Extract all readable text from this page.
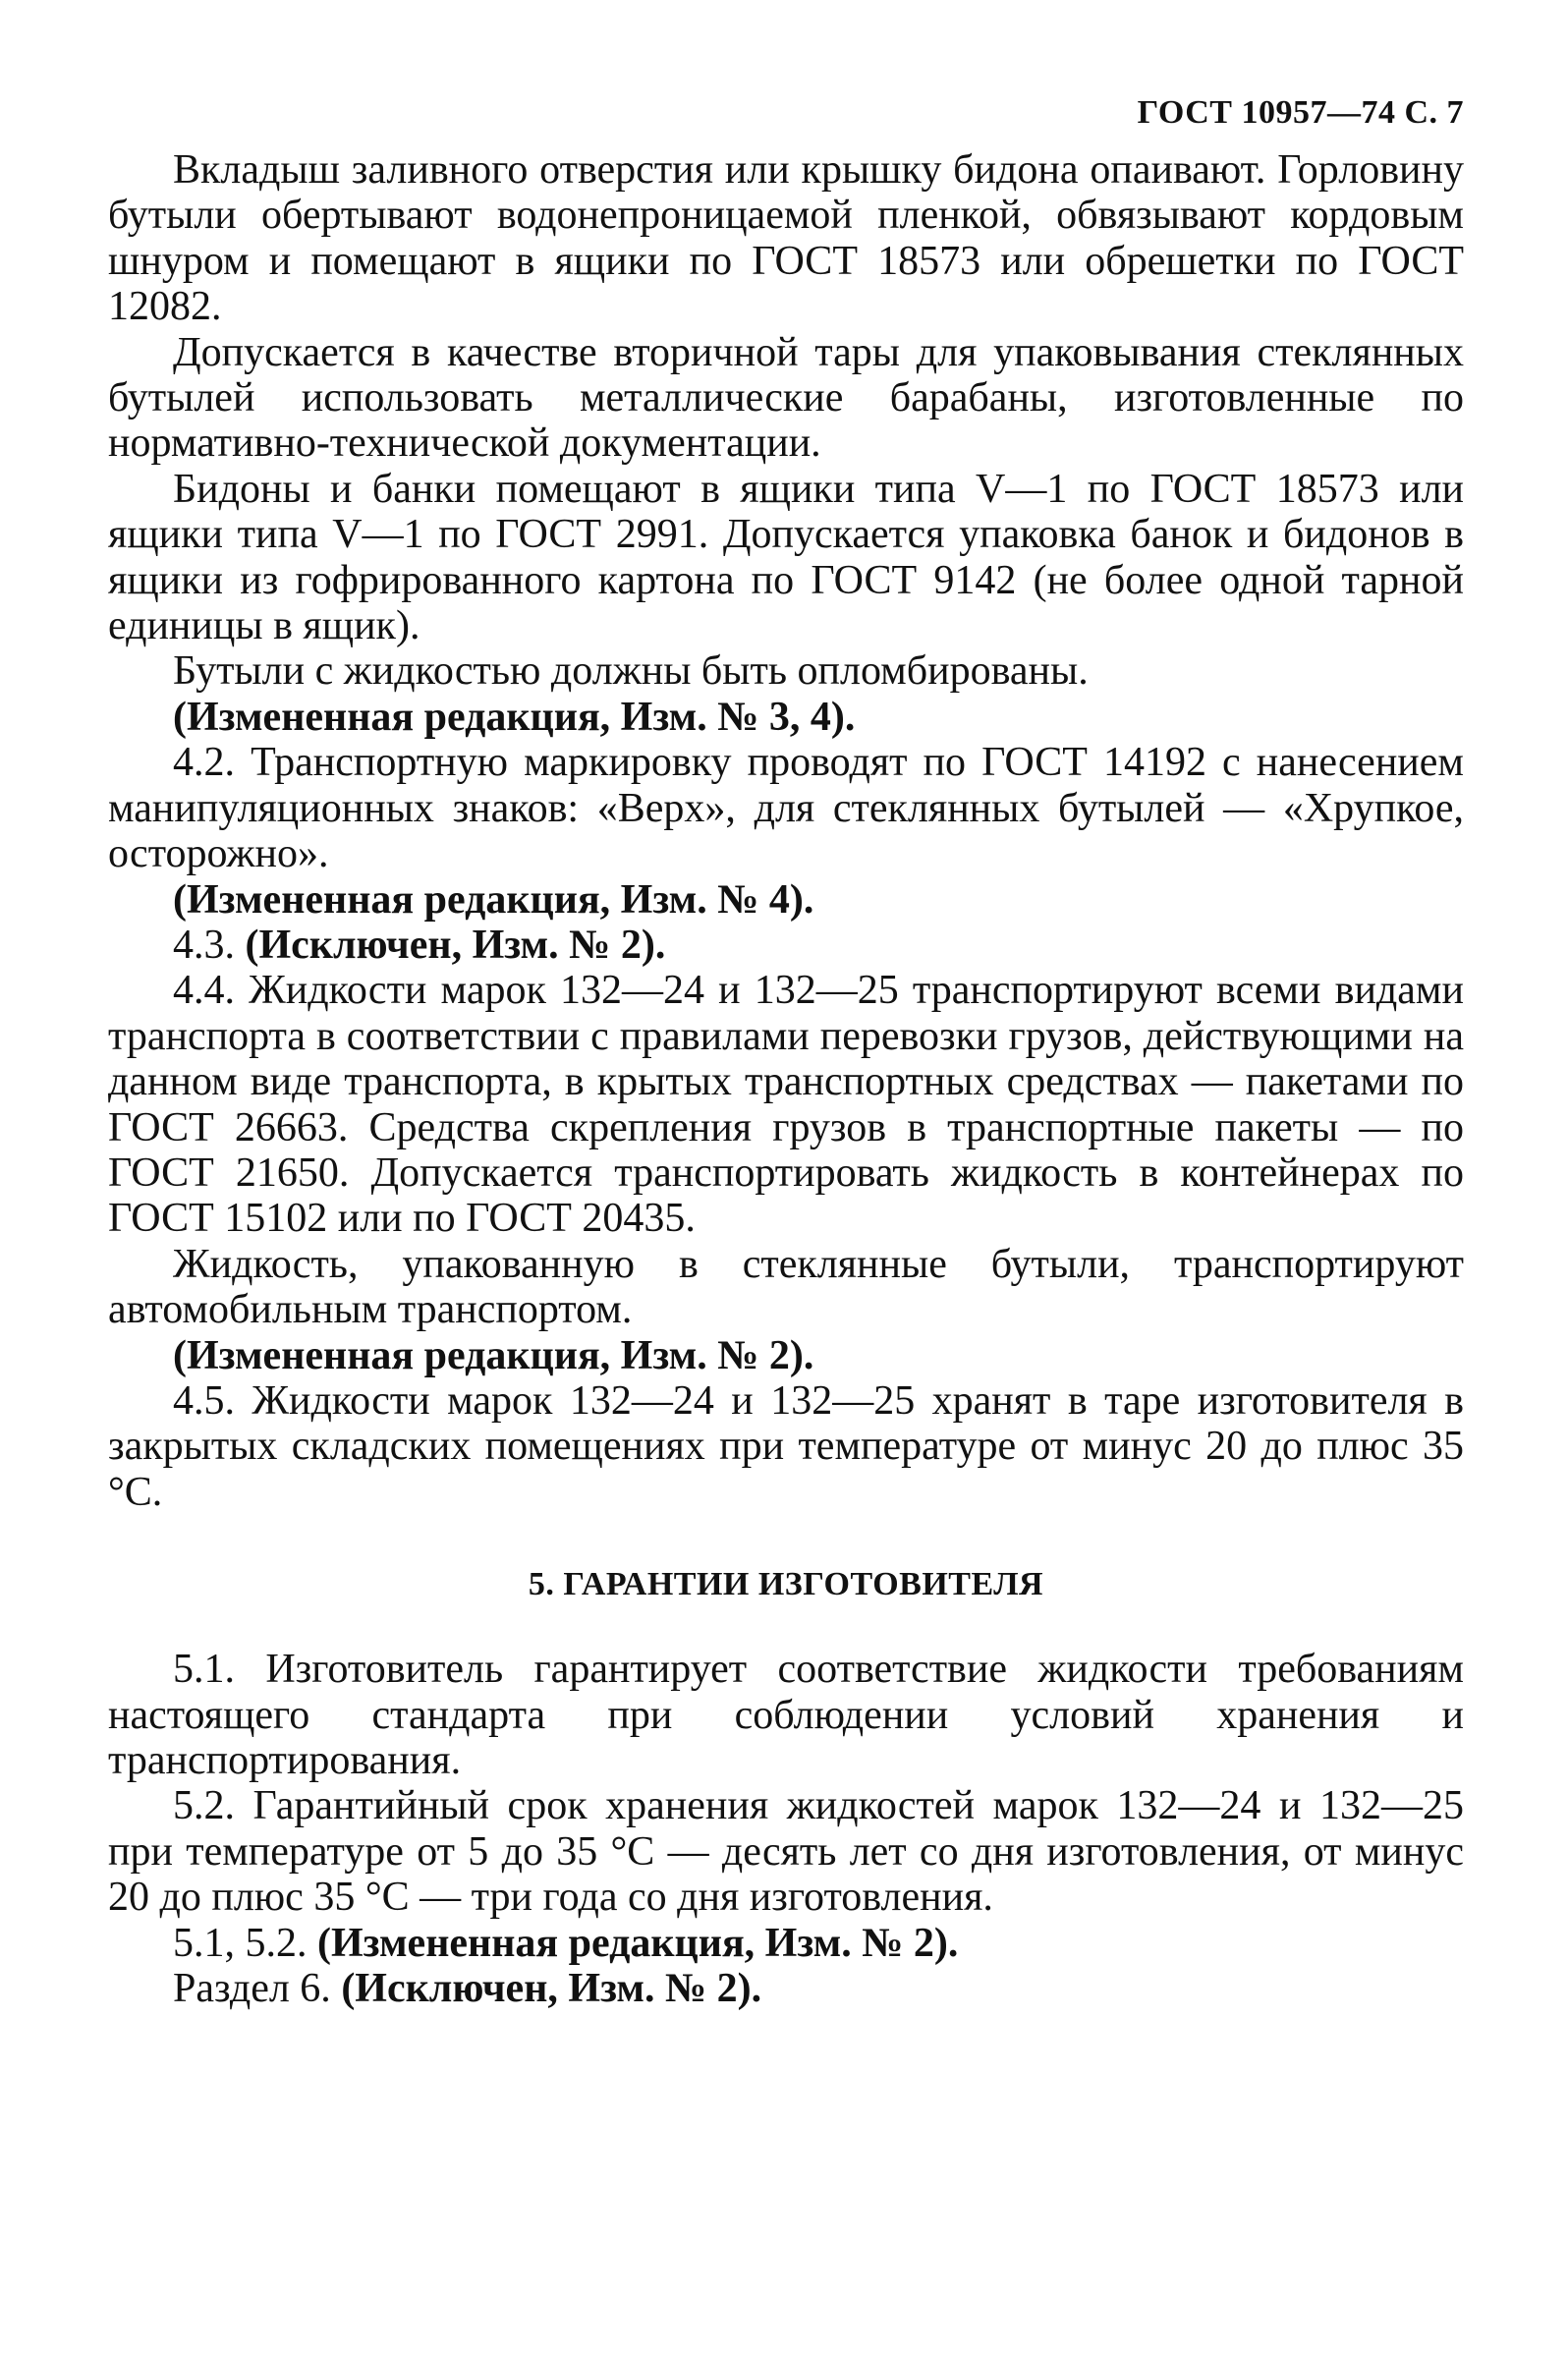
ГОСТ 10957—74 С. 7

Вкладыш заливного отверстия или крышку бидона опаивают. Горловину бутыли обертывают водонепроницаемой пленкой, обвязывают кордовым шнуром и помещают в ящики по ГОСТ 18573 или обрешетки по ГОСТ 12082.

Допускается в качестве вторичной тары для упаковывания стеклянных бутылей использовать металлические барабаны, изготовленные по нормативно-технической документации.

Бидоны и банки помещают в ящики типа V—1 по ГОСТ 18573 или ящики типа V—1 по ГОСТ 2991. Допускается упаковка банок и бидонов в ящики из гофрированного картона по ГОСТ 9142 (не более одной тарной единицы в ящик).

Бутыли с жидкостью должны быть опломбированы.

(Измененная редакция, Изм. № 3, 4).

4.2. Транспортную маркировку проводят по ГОСТ 14192 с нанесением манипуляционных знаков: «Верх», для стеклянных бутылей — «Хрупкое, осторожно».

(Измененная редакция, Изм. № 4).

4.3. (Исключен, Изм. № 2).

4.4. Жидкости марок 132—24 и 132—25 транспортируют всеми видами транспорта в соответствии с правилами перевозки грузов, действующими на данном виде транспорта, в крытых транспортных средствах — пакетами по ГОСТ 26663. Средства скрепления грузов в транспортные пакеты — по ГОСТ 21650. Допускается транспортировать жидкость в контейнерах по ГОСТ 15102 или по ГОСТ 20435.

Жидкость, упакованную в стеклянные бутыли, транспортируют автомобильным транспортом.

(Измененная редакция, Изм. № 2).

4.5. Жидкости марок 132—24 и 132—25 хранят в таре изготовителя в закрытых складских помещениях при температуре от минус 20 до плюс 35 °С.

5. ГАРАНТИИ ИЗГОТОВИТЕЛЯ

5.1. Изготовитель гарантирует соответствие жидкости требованиям настоящего стандарта при соблюдении условий хранения и транспортирования.

5.2. Гарантийный срок хранения жидкостей марок 132—24 и 132—25 при температуре от 5 до 35 °С — десять лет со дня изготовления, от минус 20 до плюс 35 °С — три года со дня изготовления.

5.1, 5.2. (Измененная редакция, Изм. № 2).

Раздел 6. (Исключен, Изм. № 2).
